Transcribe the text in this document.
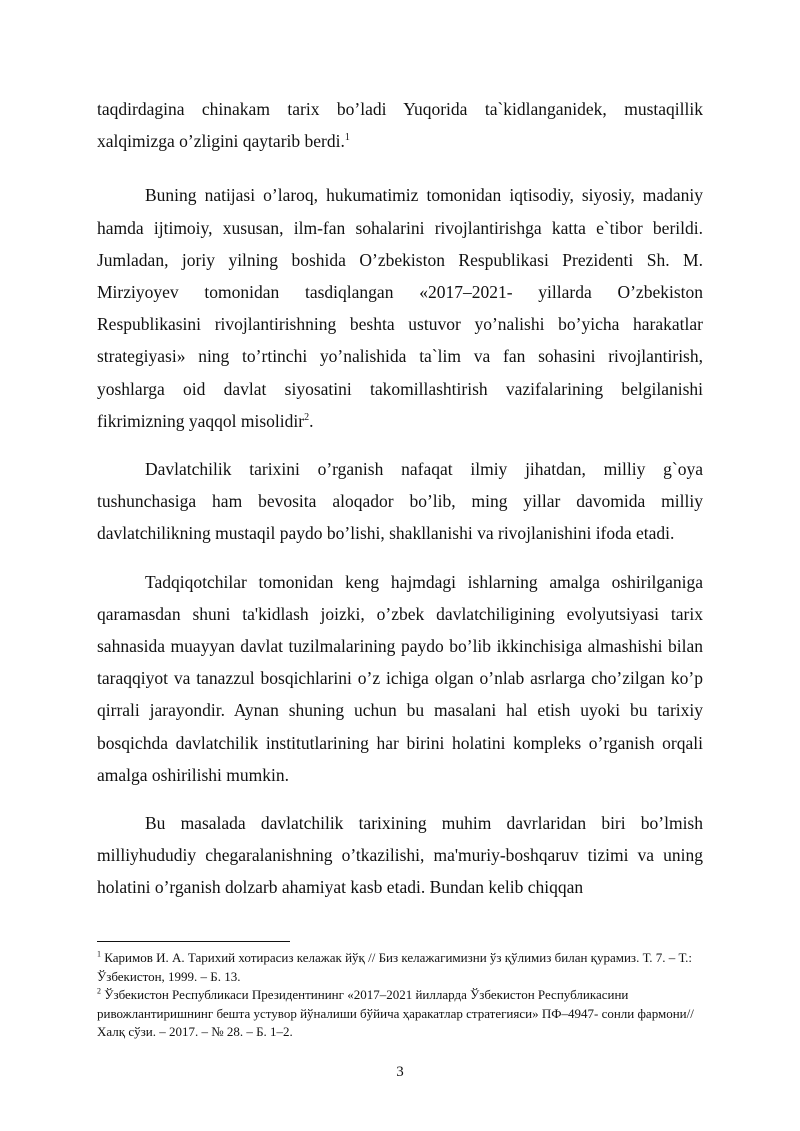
taqdirdagina chinakam tarix bo’ladi Yuqorida ta`kidlanganidek, mustaqillik xalqimizga o’zligini qaytarib berdi.$^1$

Buning natijasi o’laroq, hukumatimiz tomonidan iqtisodiy, siyosiy, madaniy hamda ijtimoiy, xususan, ilm-fan sohalarini rivojlantirishga katta e`tibor berildi. Jumladan, joriy yilning boshida O’zbekiston Respublikasi Prezidenti Sh. M. Mirziyoyev tomonidan tasdiqlangan «2017–2021- yillarda O’zbekiston Respublikasini rivojlantirishning beshta ustuvor yo’nalishi bo’yicha harakatlar strategiyasi» ning to’rtinchi yo’nalishida ta`lim va fan sohasini rivojlantirish, yoshlarga oid davlat siyosatini takomillashtirish vazifalarining belgilanishi fikrimizning yaqqol misolidir$^2$.

Davlatchilik tarixini o’rganish nafaqat ilmiy jihatdan, milliy g`oya tushunchasiga ham bevosita aloqador bo’lib, ming yillar davomida milliy davlatchilikning mustaqil paydo bo’lishi, shakllanishi va rivojlanishini ifoda etadi.

Tadqiqotchilar tomonidan keng hajmdagi ishlarning amalga oshirilganiga qaramasdan shuni ta'kidlash joizki, o’zbek davlatchiligining evolyutsiyasi tarix sahnasida muayyan davlat tuzilmalarining paydo bo’lib ikkinchisiga almashishi bilan taraqqiyot va tanazzul bosqichlarini o’z ichiga olgan o’nlab asrlarga cho’zilgan ko’p qirrali jarayondir. Aynan shuning uchun bu masalani hal etish uyoki bu tarixiy bosqichda davlatchilik institutlarining har birini holatini kompleks o’rganish orqali amalga oshirilishi mumkin.

Bu masalada davlatchilik tarixining muhim davrlaridan biri bo’lmish milliyhududiy chegaralanishning o’tkazilishi, ma'muriy-boshqaruv tizimi va uning holatini o’rganish dolzarb ahamiyat kasb etadi. Bundan kelib chiqqan

$^1$ Каримов И. А. Тарихий хотирасиз келажак йўқ // Биз келажагимизни ўз қўлимиз билан қурамиз. Т. 7. – Т.: Ўзбекистон, 1999. – Б. 13.

$^2$ Ўзбекистон Республикаси Президентининг «2017–2021 йилларда Ўзбекистон Республикасини ривожлантиришнинг бешта устувор йўналиши бўйича ҳаракатлар стратегияси» ПФ–4947- сонли фармони// Халқ сўзи. – 2017. – № 28. – Б. 1–2.

3
